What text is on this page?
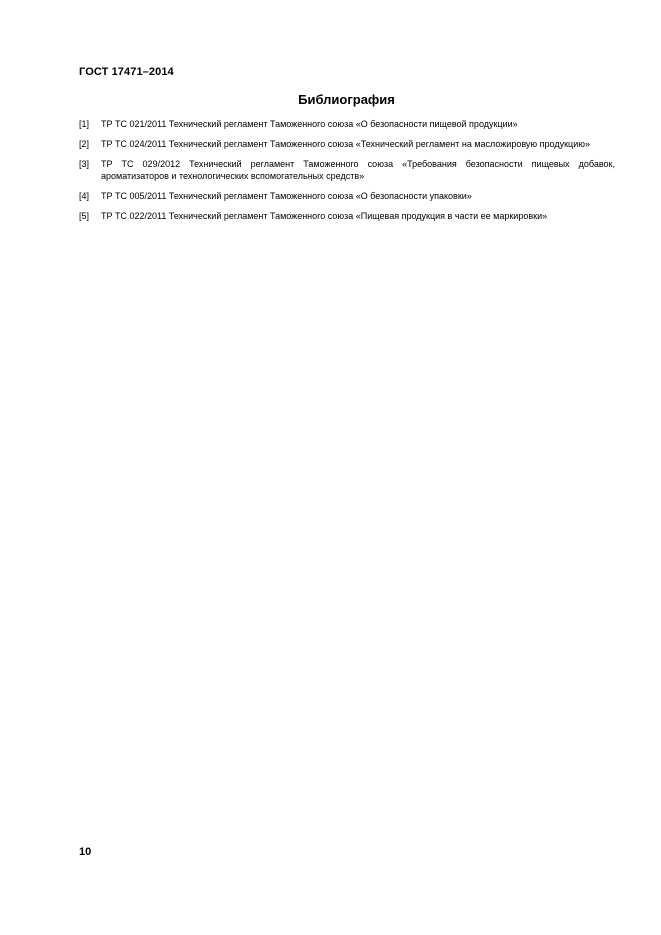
ГОСТ 17471–2014
Библиография
[1]	ТР ТС 021/2011 Технический регламент Таможенного союза «О безопасности пищевой продукции»
[2]	ТР ТС 024/2011 Технический регламент Таможенного союза «Технический регламент на масложировую продукцию»
[3]	ТР ТС 029/2012 Технический регламент Таможенного союза «Требования безопасности пищевых добавок, ароматизаторов и технологических вспомогательных средств»
[4]	ТР ТС 005/2011 Технический регламент Таможенного союза «О безопасности упаковки»
[5]	ТР ТС 022/2011 Технический регламент Таможенного союза «Пищевая продукция в части ее маркировки»
10
